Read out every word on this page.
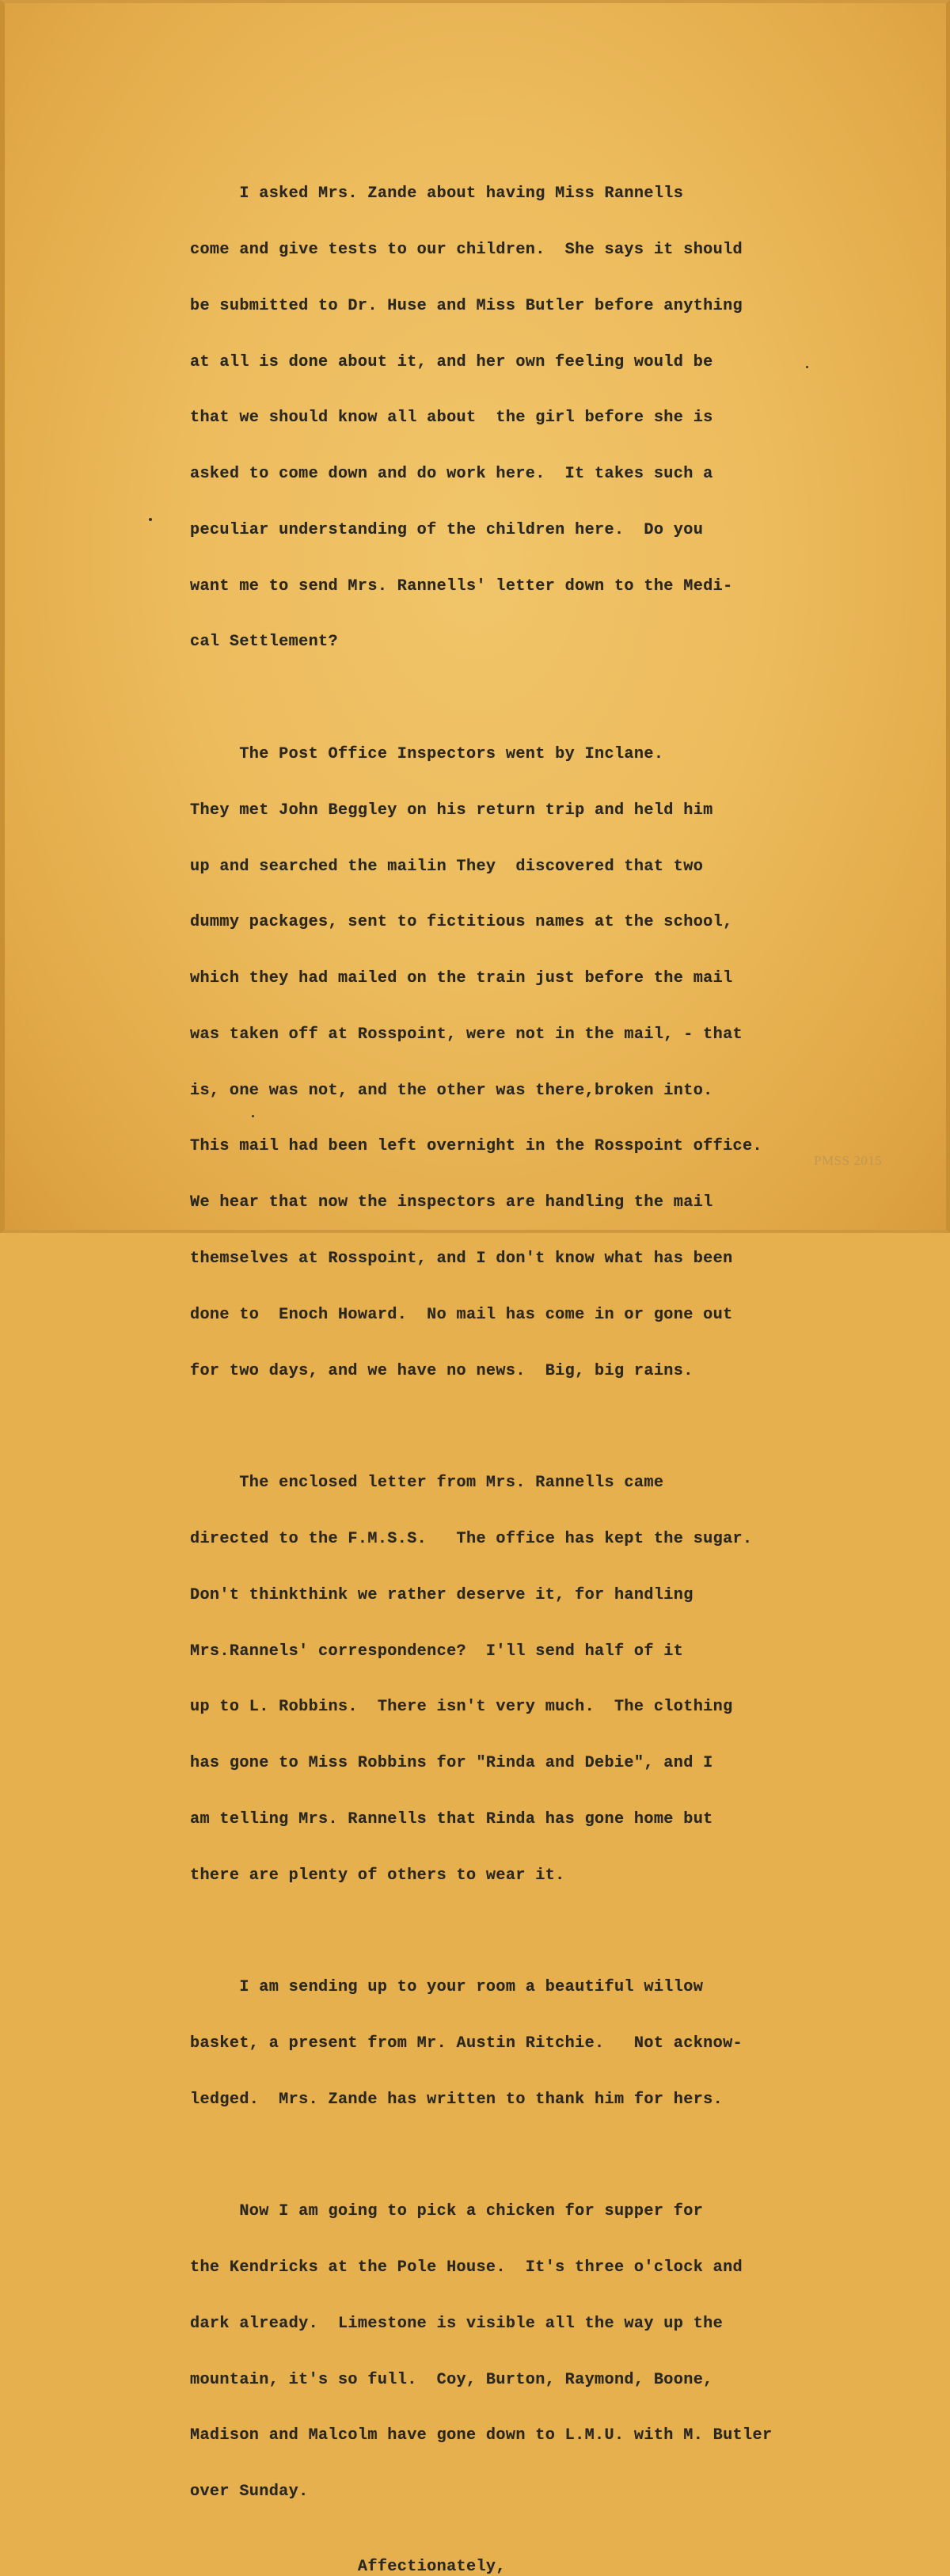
I asked Mrs. Zande about having Miss Rannells

come and give tests to our children.  She says it should

be submitted to Dr. Huse and Miss Butler before anything

at all is done about it, and her own feeling would be

that we should know all about  the girl before she is

asked to come down and do work here.  It takes such a

peculiar understanding of the children here.  Do you

want me to send Mrs. Rannells' letter down to the Medi-

cal Settlement?

The Post Office Inspectors went by Inclane.

They met John Beggley on his return trip and held him

up and searched the mailin They  discovered that two

dummy packages, sent to fictitious names at the school,

which they had mailed on the train just before the mail

was taken off at Rosspoint, were not in the mail, - that

is, one was not, and the other was there,broken into.

This mail had been left overnight in the Rosspoint office.

We hear that now the inspectors are handling the mail

themselves at Rosspoint, and I don't know what has been

done to  Enoch Howard.  No mail has come in or gone out

for two days, and we have no news.  Big, big rains.

The enclosed letter from Mrs. Rannells came

directed to the F.M.S.S.   The office has kept the sugar.

Don't thinkthink we rather deserve it, for handling

Mrs.Rannels' correspondence?  I'll send half of it

up to L. Robbins.  There isn't very much.  The clothing

has gone to Miss Robbins for "Rinda and Debie", and I

am telling Mrs. Rannells that Rinda has gone home but

there are plenty of others to wear it.

I am sending up to your room a beautiful willow

basket, a present from Mr. Austin Ritchie.   Not acknow-

ledged.  Mrs. Zande has written to thank him for hers.

Now I am going to pick a chicken for supper for

the Kendricks at the Pole House.  It's three o'clock and

dark already.  Limestone is visible all the way up the

mountain, it's so full.  Coy, Burton, Raymond, Boone,

Madison and Malcolm have gone down to L.M.U. with M. Butler

over Sunday.

Affectionately,
PMSS 2015
